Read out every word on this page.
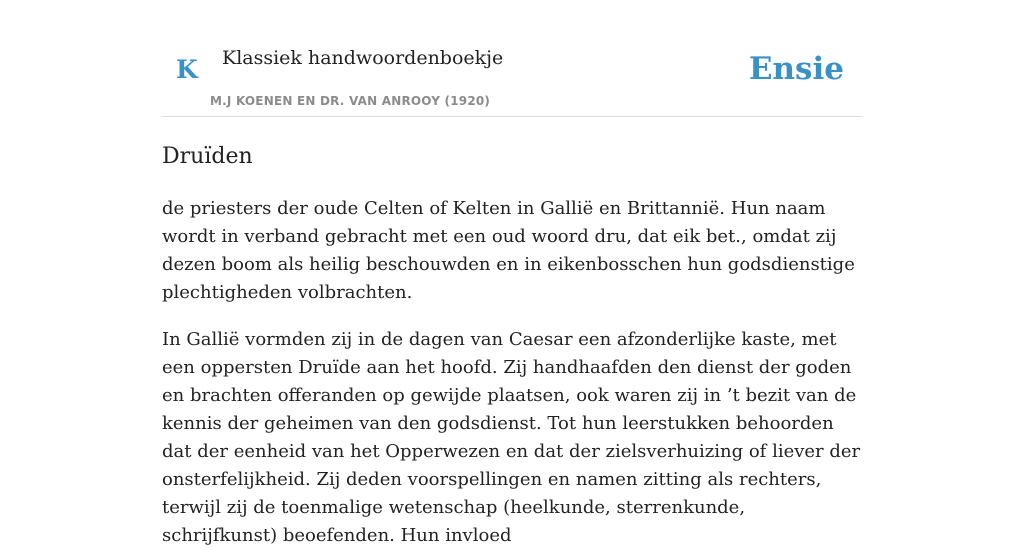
K Klassiek handwoordenboekje
M.J KOENEN EN DR. VAN ANROOY (1920)
Ensie
Druïden

de priesters der oude Celten of Kelten in Gallië en Brittannië. Hun naam wordt in verband gebracht met een oud woord dru, dat eik bet., omdat zij dezen boom als heilig beschouwden en in eikenbosschen hun godsdienstige plechtigheden volbrachten.

In Gallië vormden zij in de dagen van Caesar een afzonderlijke kaste, met een oppersten Druïde aan het hoofd. Zij handhaafden den dienst der goden en brachten offeranden op gewijde plaatsen, ook waren zij in ’t bezit van de kennis der geheimen van den godsdienst. Tot hun leerstukken behoorden dat der eenheid van het Opperwezen en dat der zielsverhuizing of liever der onsterfelijkheid. Zij deden voorspellingen en namen zitting als rechters, terwijl zij de toenmalige wetenschap (heelkunde, sterrenkunde, schrijfkunst) beoefenden. Hun invloed
